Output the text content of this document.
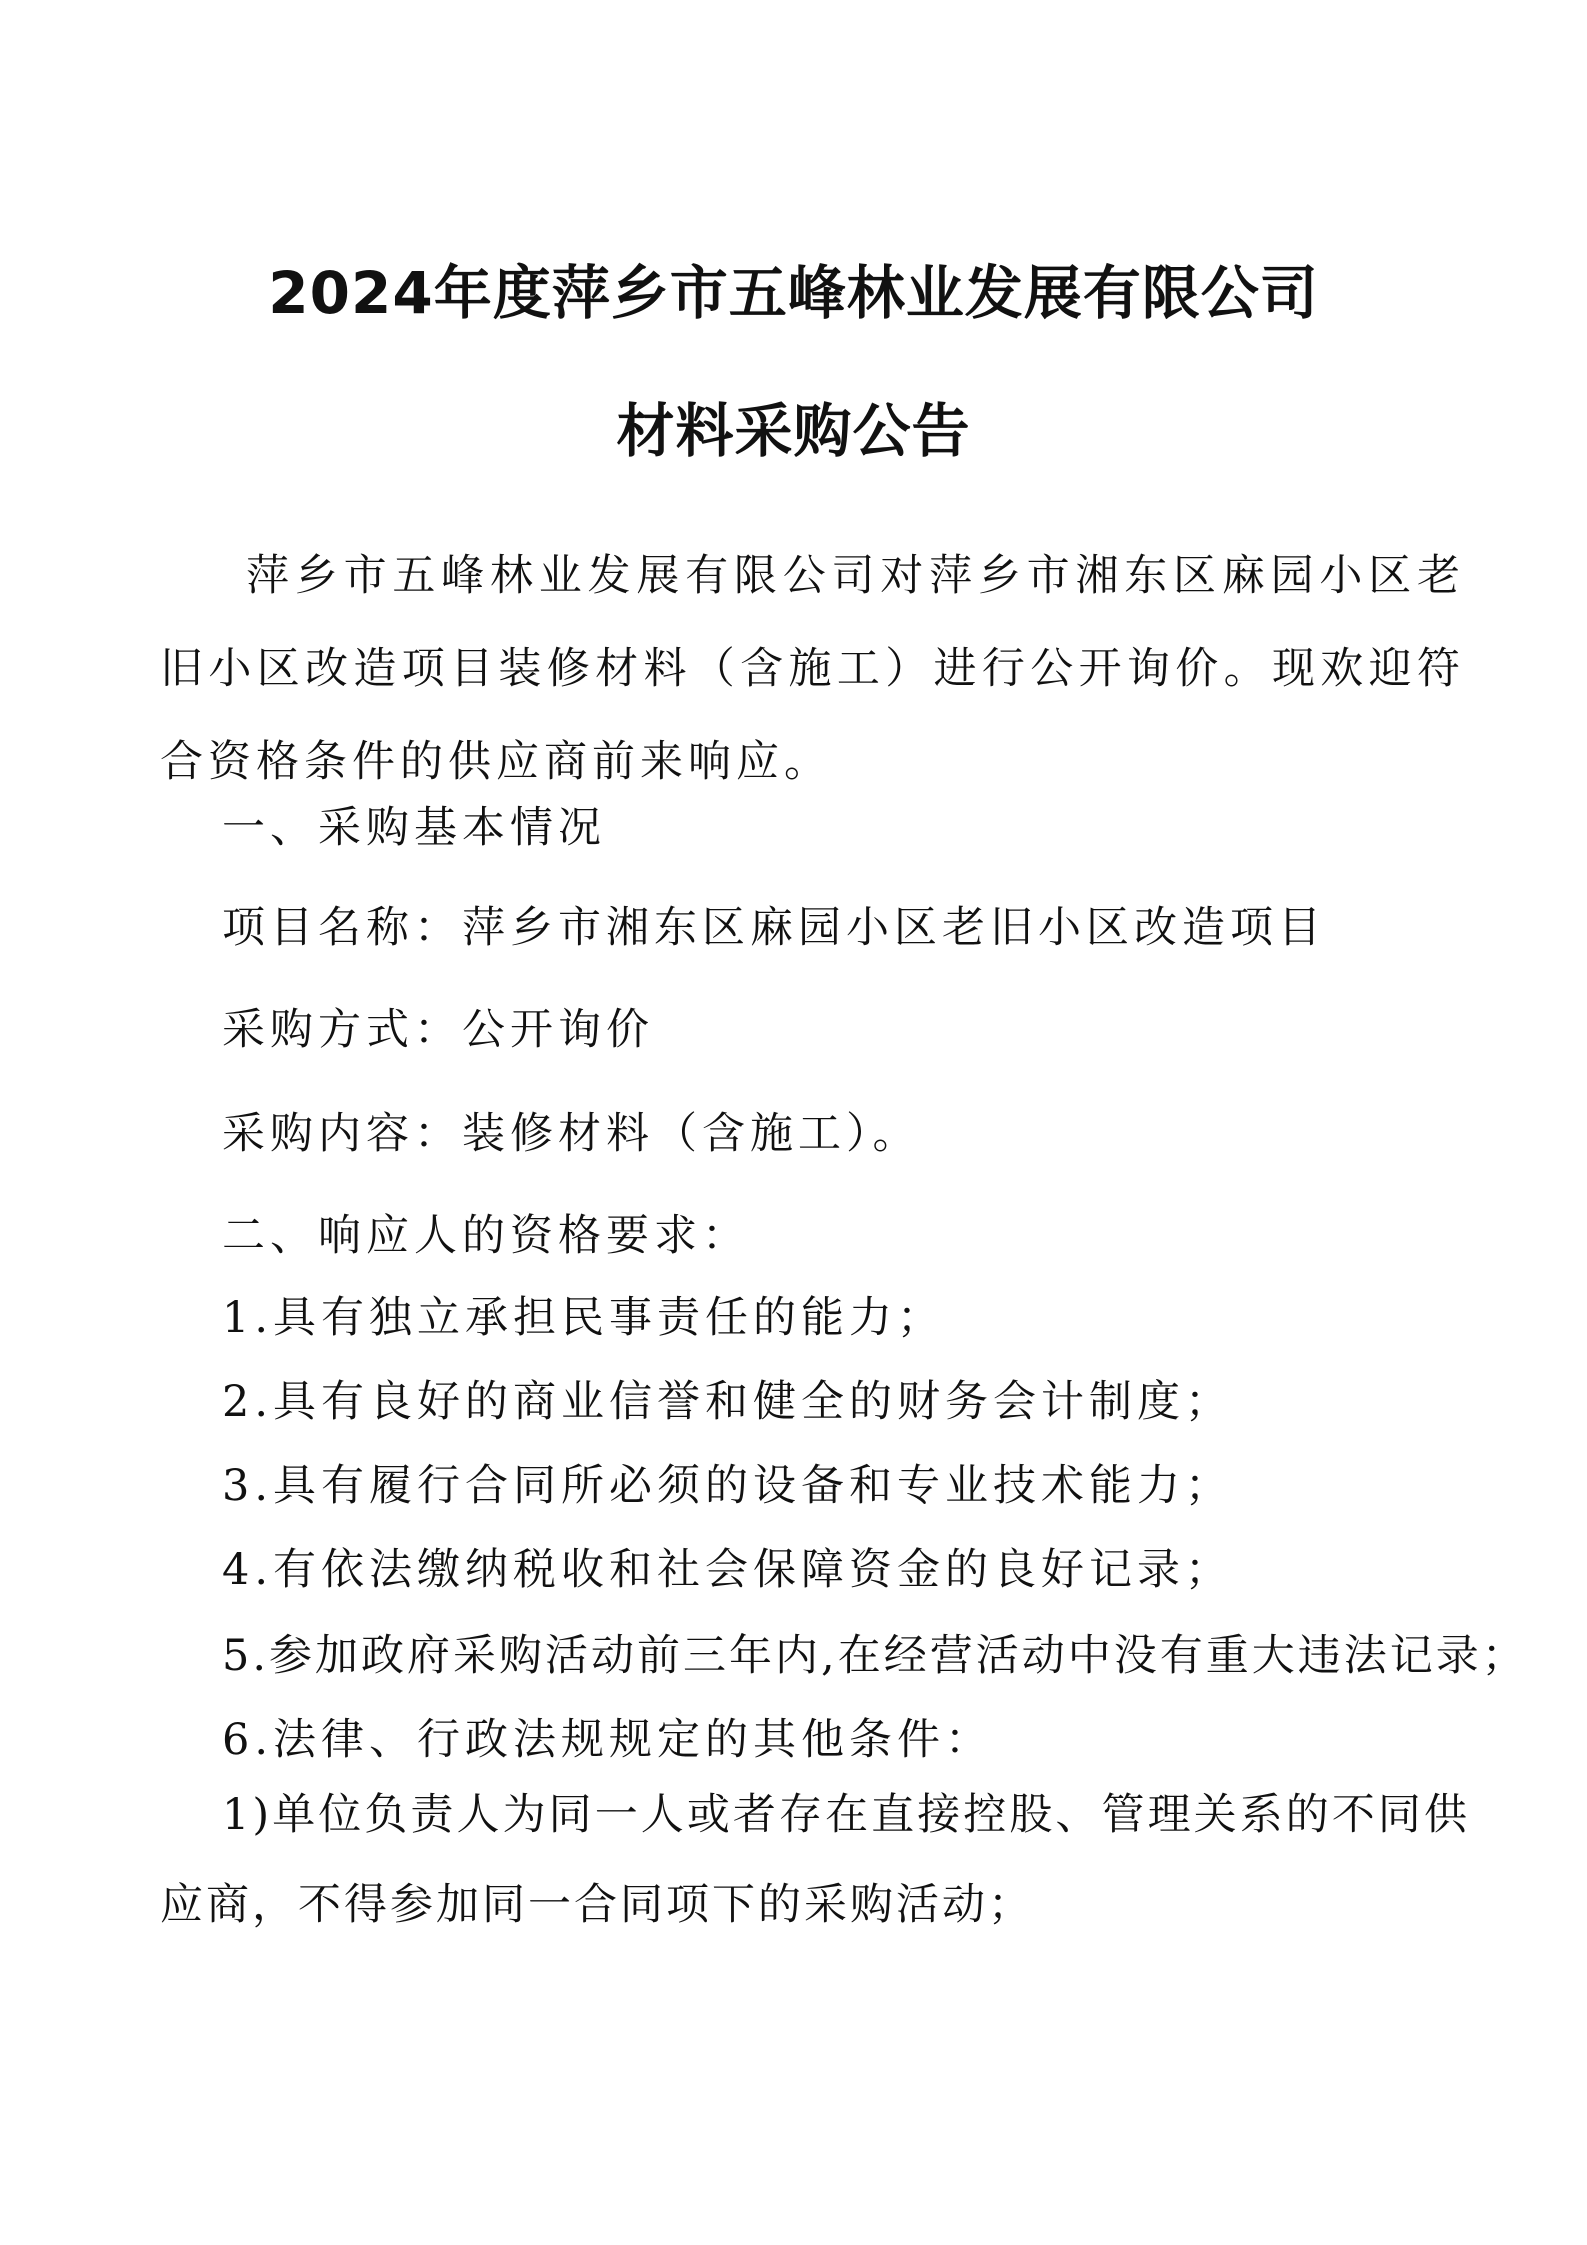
2024年度萍乡市五峰林业发展有限公司
材料采购公告

萍乡市五峰林业发展有限公司对萍乡市湘东区麻园小区老旧小区改造项目装修材料（含施工）进行公开询价。现欢迎符合资格条件的供应商前来响应。

一、采购基本情况

项目名称：萍乡市湘东区麻园小区老旧小区改造项目

采购方式：公开询价

采购内容：装修材料（含施工）。

二、响应人的资格要求：

1.具有独立承担民事责任的能力；

2.具有良好的商业信誉和健全的财务会计制度；

3.具有履行合同所必须的设备和专业技术能力；

4.有依法缴纳税收和社会保障资金的良好记录；

5.参加政府采购活动前三年内,在经营活动中没有重大违法记录；

6.法律、行政法规规定的其他条件：

1)单位负责人为同一人或者存在直接控股、管理关系的不同供应商，不得参加同一合同项下的采购活动；
